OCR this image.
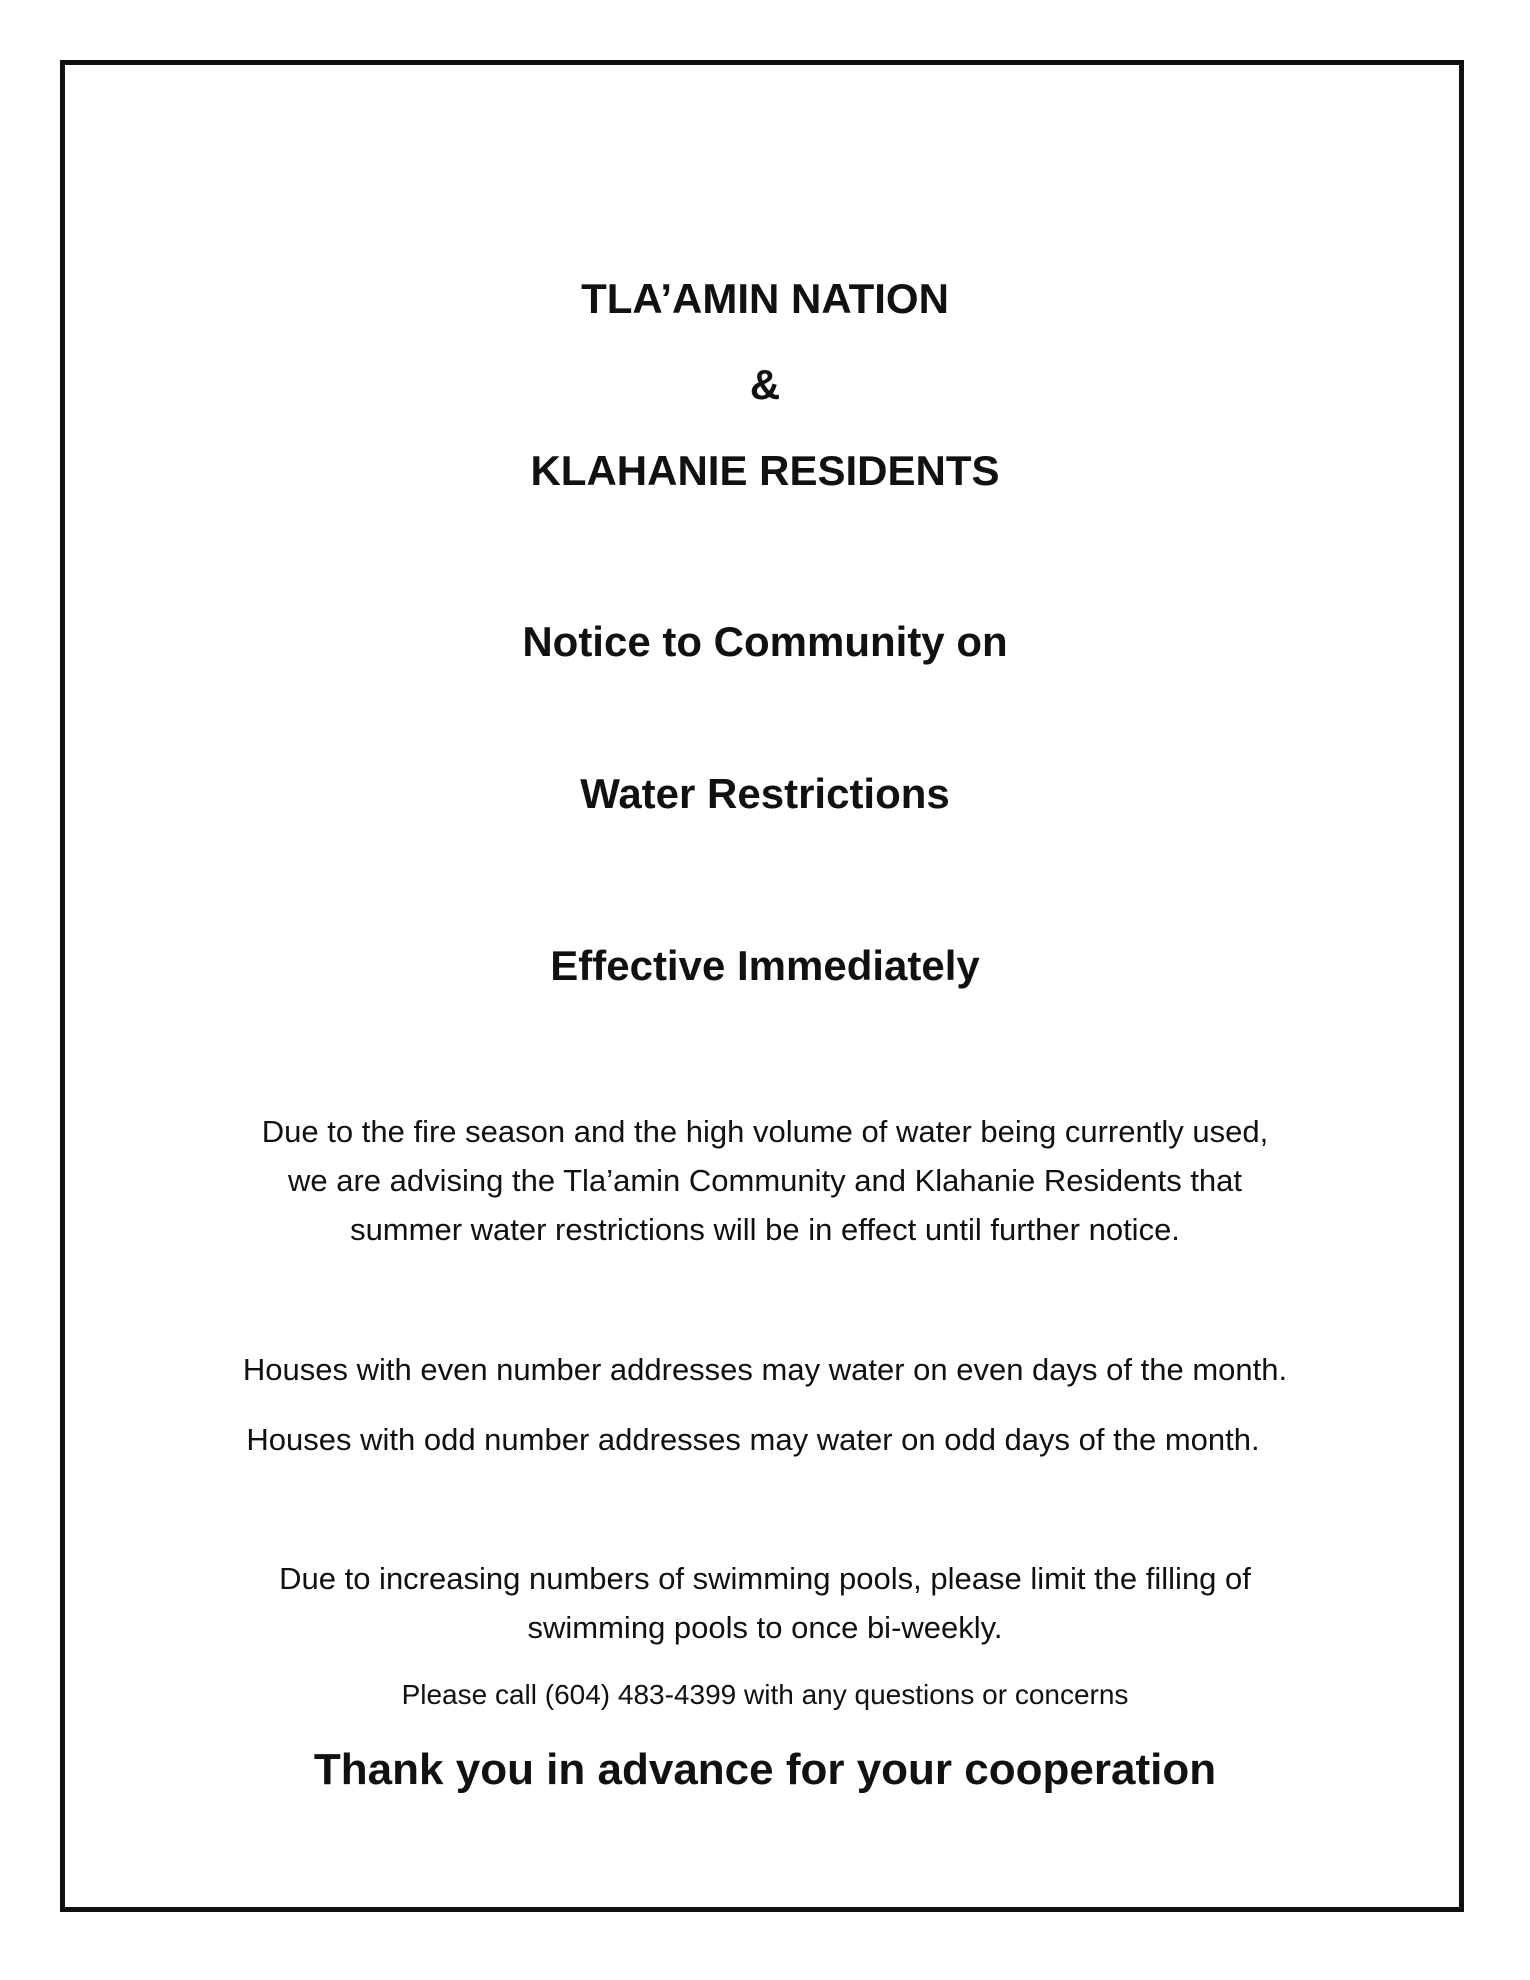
TLA’AMIN NATION
&
KLAHANIE RESIDENTS
Notice to Community on
Water Restrictions
Effective Immediately
Due to the fire season and the high volume of water being currently used,
we are advising the Tla’amin Community and Klahanie Residents that
summer water restrictions will be in effect until further notice.
Houses with even number addresses may water on even days of the month.
Houses with odd number addresses may water on odd days of the month.
Due to increasing numbers of swimming pools, please limit the filling of
swimming pools to once bi-weekly.
Please call (604) 483-4399 with any questions or concerns
Thank you in advance for your cooperation
